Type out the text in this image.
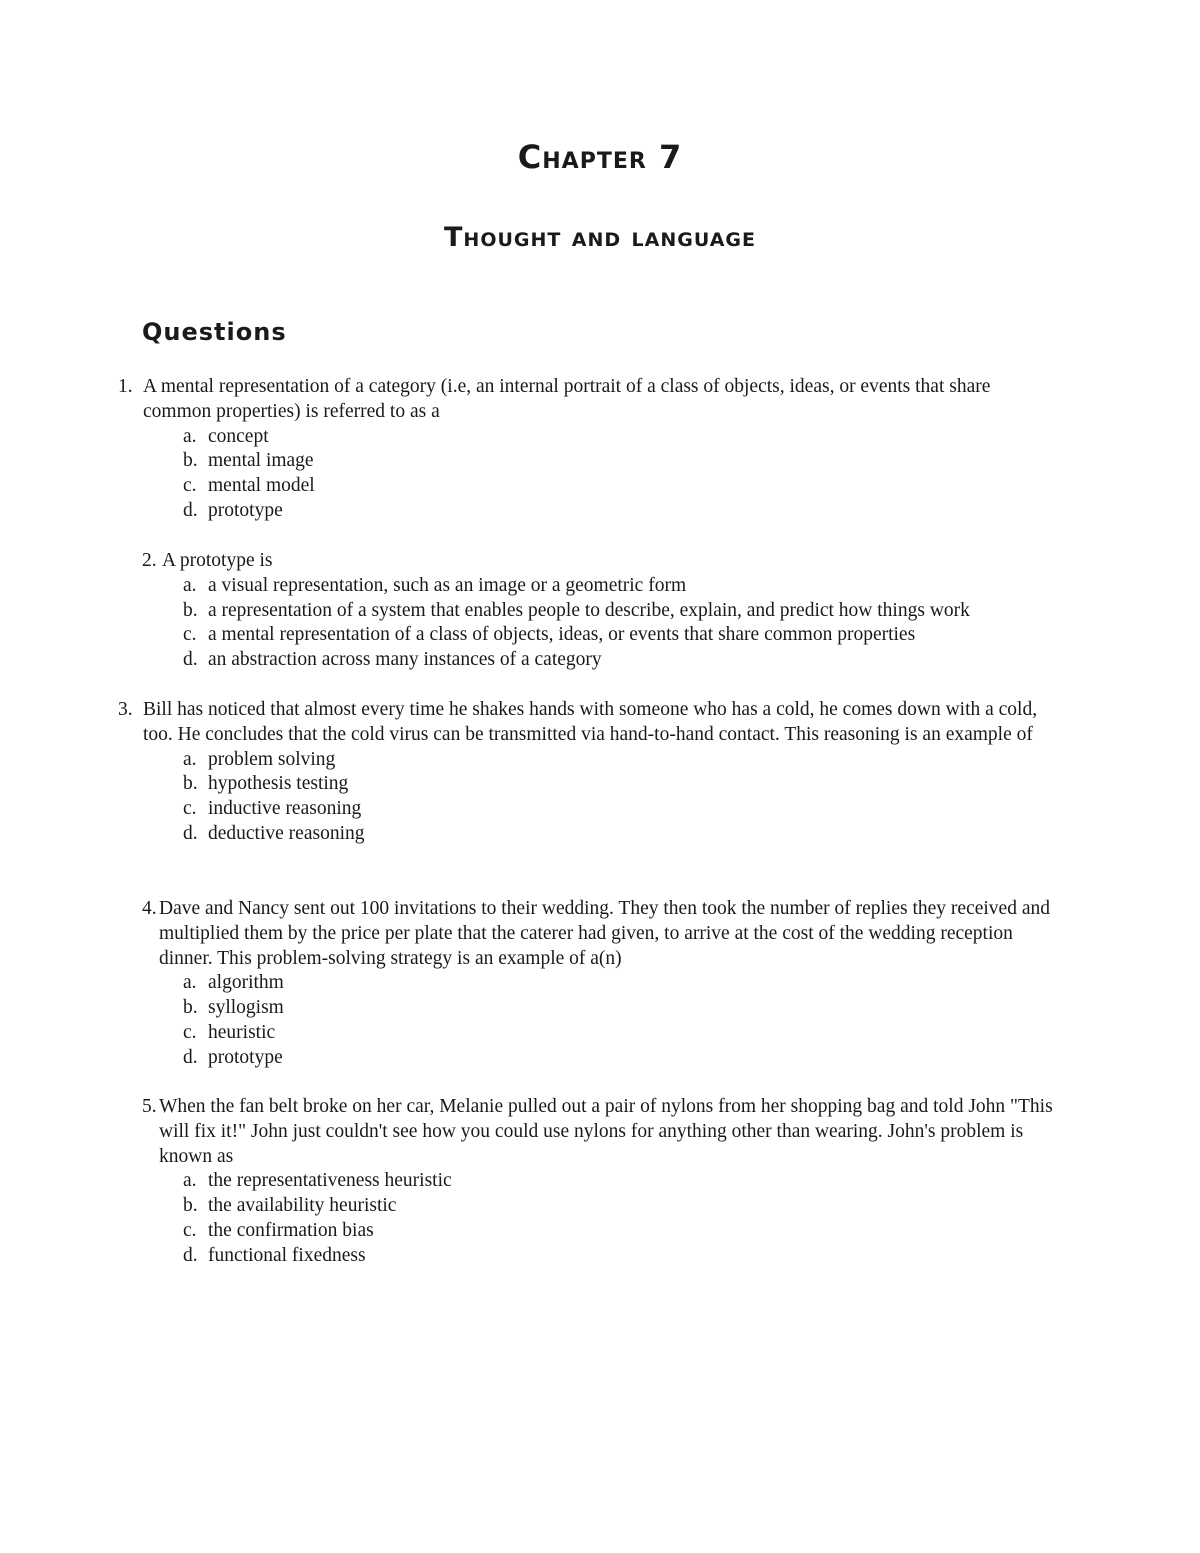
Chapter 7
Thought and language
Questions
1. A mental representation of a category (i.e, an internal portrait of a class of objects, ideas, or events that share common properties) is referred to as a
a. concept
b. mental image
c. mental model
d. prototype
2. A prototype is
a. a visual representation, such as an image or a geometric form
b. a representation of a system that enables people to describe, explain, and predict how things work
c. a mental representation of a class of objects, ideas, or events that share common properties
d. an abstraction across many instances of a category
3. Bill has noticed that almost every time he shakes hands with someone who has a cold, he comes down with a cold, too. He concludes that the cold virus can be transmitted via hand-to-hand contact. This reasoning is an example of
a. problem solving
b. hypothesis testing
c. inductive reasoning
d. deductive reasoning
4. Dave and Nancy sent out 100 invitations to their wedding. They then took the number of replies they received and multiplied them by the price per plate that the caterer had given, to arrive at the cost of the wedding reception dinner. This problem-solving strategy is an example of a(n)
a. algorithm
b. syllogism
c. heuristic
d. prototype
5. When the fan belt broke on her car, Melanie pulled out a pair of nylons from her shopping bag and told John "This will fix it!" John just couldn't see how you could use nylons for anything other than wearing. John's problem is known as
a. the representativeness heuristic
b. the availability heuristic
c. the confirmation bias
d. functional fixedness
